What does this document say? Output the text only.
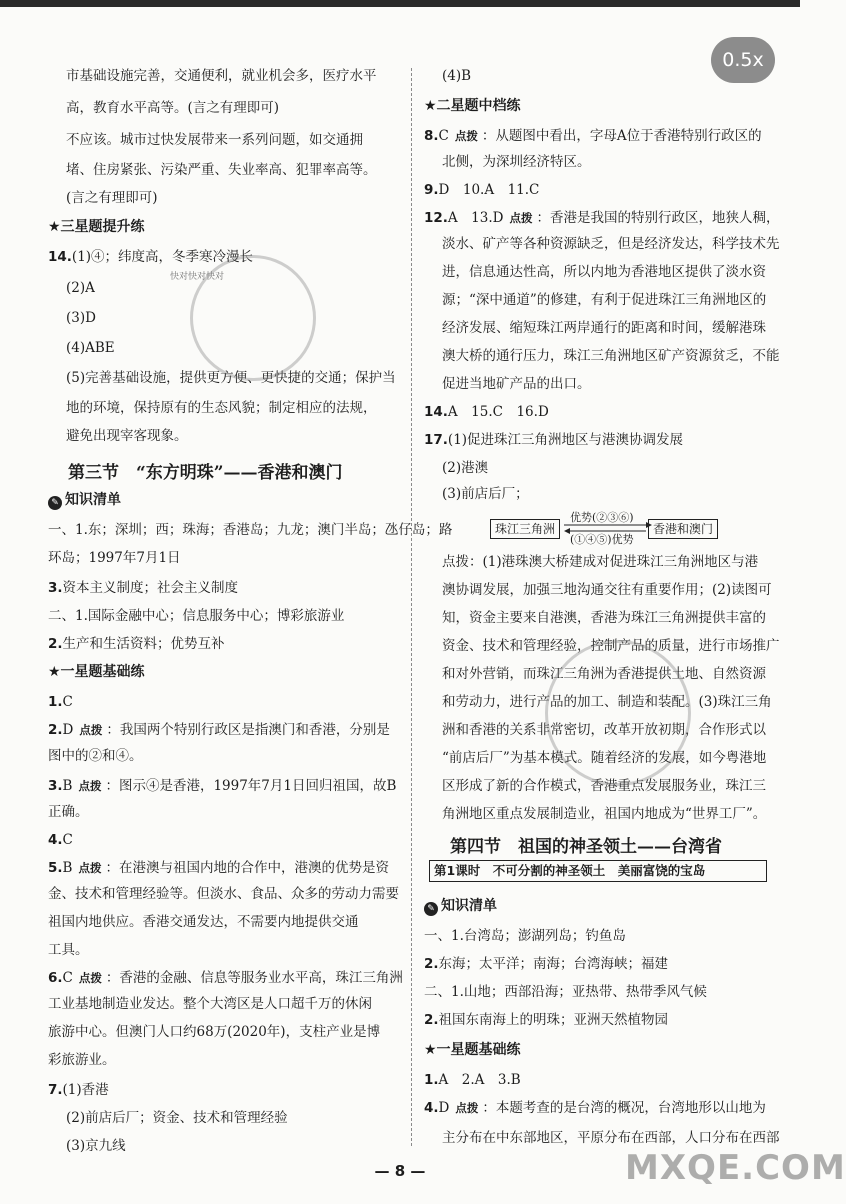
市基础设施完善，交通便利，就业机会多，医疗水平
高，教育水平高等。(言之有理即可)
不应该。城市过快发展带来一系列问题，如交通拥
堵、住房紧张、污染严重、失业率高、犯罪率高等。
(言之有理即可)
★三星题提升练
14.(1)④；纬度高，冬季寒冷漫长
(2)A
(3)D
(4)ABE
(5)完善基础设施，提供更方便、更快捷的交通；保护当
地的环境，保持原有的生态风貌；制定相应的法规，
避免出现宰客现象。
第三节　“东方明珠”——香港和澳门
✎ 知识清单
一、1.东；深圳；西；珠海；香港岛；九龙；澳门半岛；氹仔岛；路
环岛；1997年7月1日
3.资本主义制度；社会主义制度
二、1.国际金融中心；信息服务中心；博彩旅游业
2.生产和生活资料；优势互补
★一星题基础练
1.C
2.D 点拨 ：我国两个特别行政区是指澳门和香港，分别是
图中的②和④。
3.B 点拨 ：图示④是香港，1997年7月1日回归祖国，故B
正确。
4.C
5.B 点拨 ：在港澳与祖国内地的合作中，港澳的优势是资
金、技术和管理经验等。但淡水、食品、众多的劳动力需要
祖国内地供应。香港交通发达，不需要内地提供交通
工具。
6.C 点拨 ：香港的金融、信息等服务业水平高，珠江三角洲
工业基地制造业发达。整个大湾区是人口超千万的休闲
旅游中心。但澳门人口约68万(2020年)，支柱产业是博
彩旅游业。
7.(1)香港
(2)前店后厂；资金、技术和管理经验
(3)京九线
(4)B
★二星题中档练
8.C 点拨 ：从题图中看出，字母A位于香港特别行政区的
北侧，为深圳经济特区。
9.D　10.A　11.C
12.A　13.D 点拨 ：香港是我国的特别行政区，地狭人稠，
淡水、矿产等各种资源缺乏，但是经济发达，科学技术先
进，信息通达性高，所以内地为香港地区提供了淡水资
源；“深中通道”的修建，有利于促进珠江三角洲地区的
经济发展、缩短珠江两岸通行的距离和时间，缓解港珠
澳大桥的通行压力，珠江三角洲地区矿产资源贫乏，不能
促进当地矿产品的出口。
14.A　15.C　16.D
17.(1)促进珠江三角洲地区与港澳协调发展
(2)港澳
(3)前店后厂；
点拨：(1)港珠澳大桥建成对促进珠江三角洲地区与港
澳协调发展，加强三地沟通交往有重要作用；(2)读图可
知，资金主要来自港澳，香港为珠江三角洲提供丰富的
资金、技术和管理经验，控制产品的质量，进行市场推广
和对外营销，而珠江三角洲为香港提供土地、自然资源
和劳动力，进行产品的加工、制造和装配。(3)珠江三角
洲和香港的关系非常密切，改革开放初期，合作形式以
“前店后厂”为基本模式。随着经济的发展，如今粤港地
区形成了新的合作模式，香港重点发展服务业，珠江三
角洲地区重点发展制造业，祖国内地成为“世界工厂”。
第四节　祖国的神圣领土——台湾省
✎ 知识清单
一、1.台湾岛；澎湖列岛；钓鱼岛
2.东海；太平洋；南海；台湾海峡；福建
二、1.山地；西部沿海；亚热带、热带季风气候
2.祖国东南海上的明珠；亚洲天然植物园
★一星题基础练
1.A　2.A　3.B
4.D 点拨 ：本题考查的是台湾的概况，台湾地形以山地为
主分布在中东部地区，平原分布在西部，人口分布在西部
第1课时　不可分割的神圣领土　美丽富饶的宝岛
珠江三角洲	香港和澳门
优势(②③⑥)
(①④⑤)优势
快对快对快对
0.5x
— 8 —	MXQE.COM
